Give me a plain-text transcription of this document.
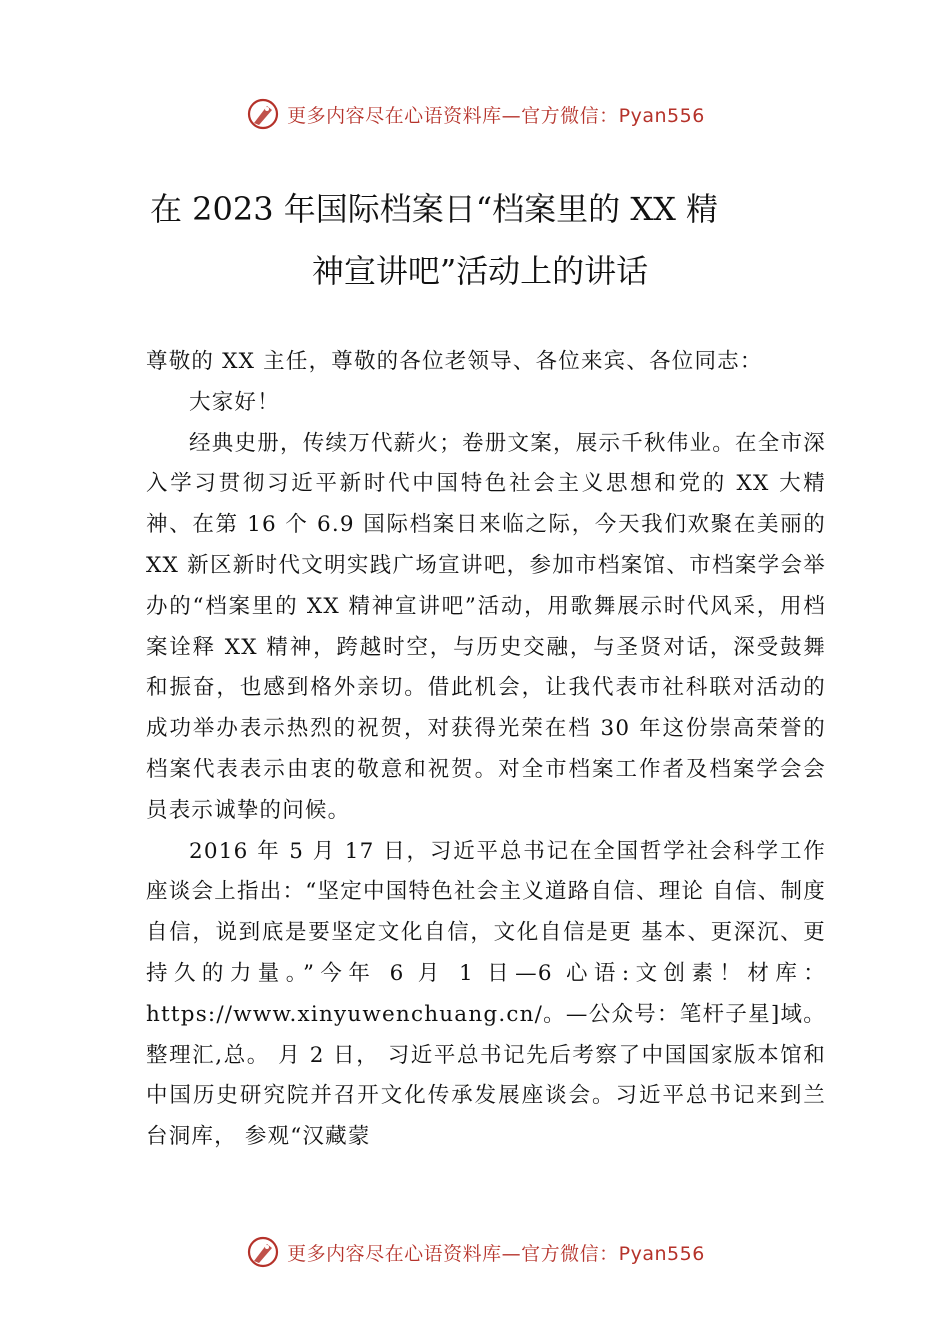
更多内容尽在心语资料库—官方微信：Pyan556
在 2023 年国际档案日“档案里的 XX 精
神宣讲吧”活动上的讲话

尊敬的 XX 主任，尊敬的各位老领导、各位来宾、各位同志：

大家好！

经典史册，传续万代薪火；卷册文案，展示千秋伟业。在全市深入学习贯彻习近平新时代中国特色社会主义思想和党的 XX 大精神、在第 16 个 6.9 国际档案日来临之际，今天我们欢聚在美丽的 XX 新区新时代文明实践广场宣讲吧，参加市档案馆、市档案学会举办的“档案里的 XX 精神宣讲吧”活动，用歌舞展示时代风采，用档案诠释 XX 精神，跨越时空，与历史交融，与圣贤对话，深受鼓舞和振奋，也感到格外亲切。借此机会，让我代表市社科联对活动的成功举办表示热烈的祝贺，对获得光荣在档 30 年这份崇高荣誉的档案代表表示由衷的敬意和祝贺。对全市档案工作者及档案学会会员表示诚挚的问候。

2016 年 5 月 17 日，习近平总书记在全国哲学社会科学工作座谈会上指出：“坚定中国特色社会主义道路自信、理论 自信、制度自信，说到底是要坚定文化自信，文化自信是更 基本、更深沉、更持久的力量。”今年 6 月 1 日—6 心语:文创素！材库：https://www.xinyuwenchuang.cn/。—公众号：笔杆子星]域。整理汇,总。 月 2 日， 习近平总书记先后考察了中国国家版本馆和中国历史研究院并召开文化传承发展座谈会。习近平总书记来到兰台洞库， 参观“汉藏蒙

更多内容尽在心语资料库—官方微信：Pyan556
